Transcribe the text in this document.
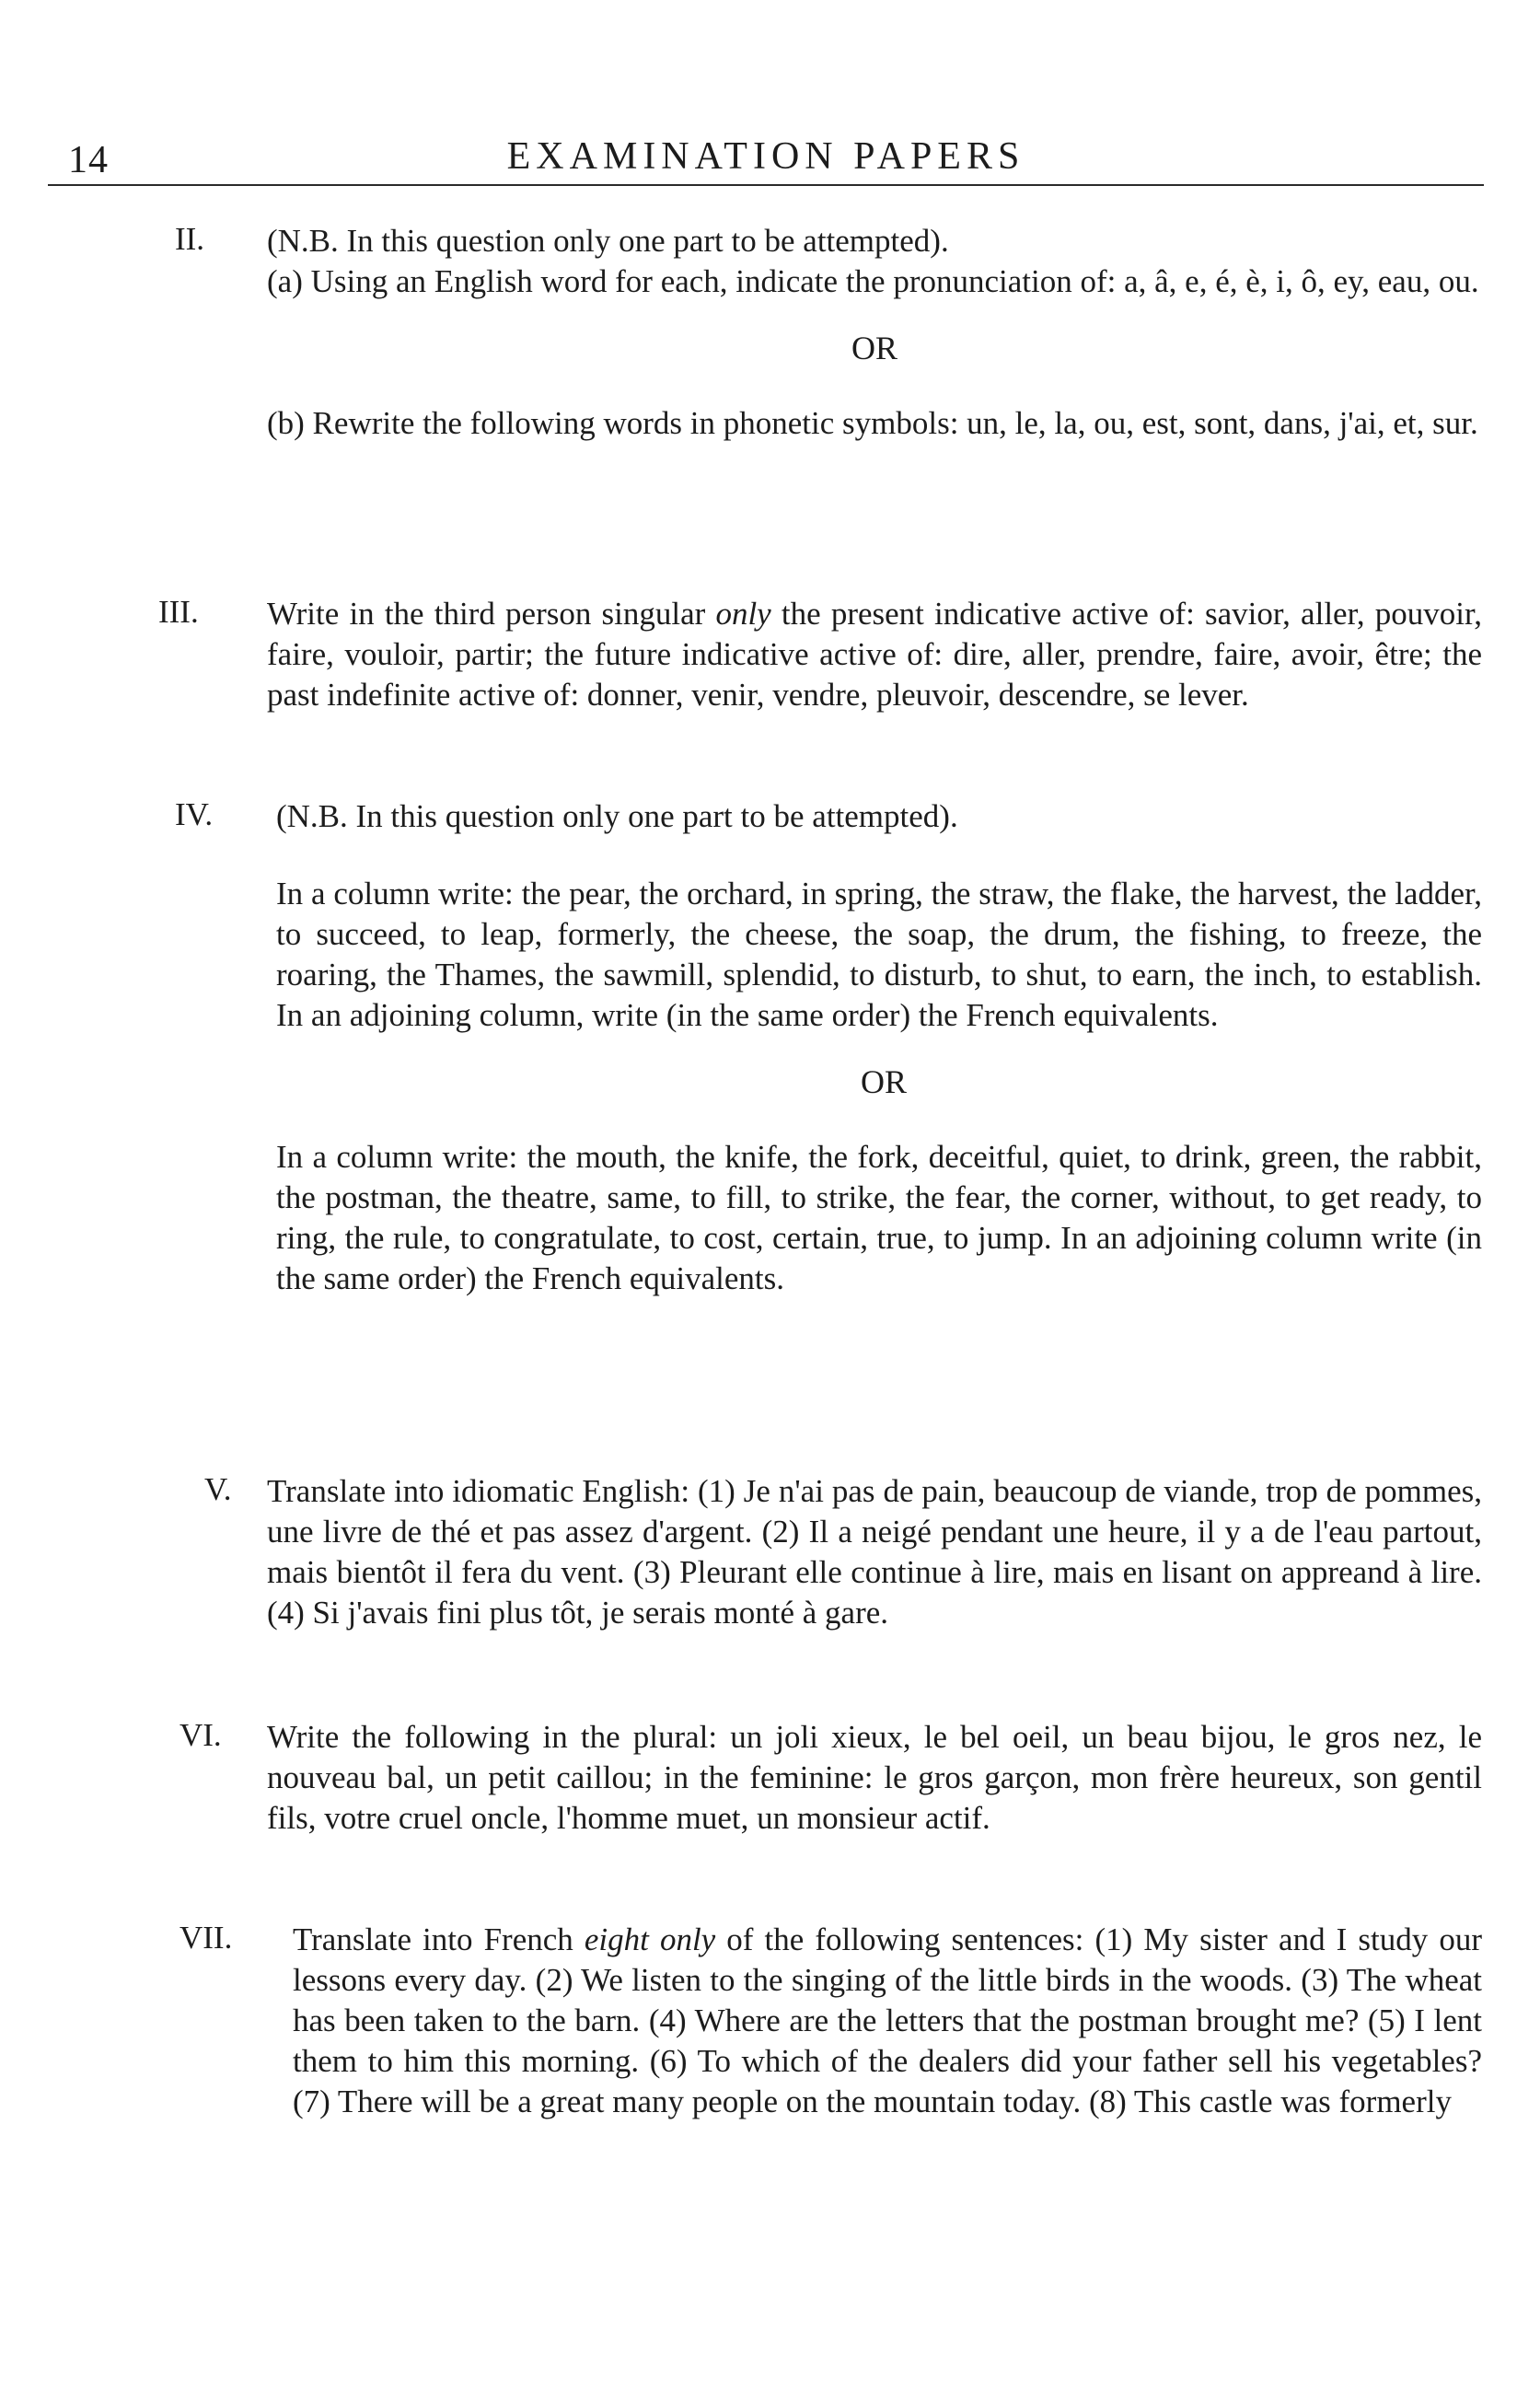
14	EXAMINATION PAPERS
II. (N.B. In this question only one part to be attempted).

(a) Using an English word for each, indicate the pronunciation of: a, â, e, é, è, i, ô, ey, eau, ou.

OR

(b) Rewrite the following words in phonetic symbols: un, le, la, ou, est, sont, dans, j'ai, et, sur.

III. Write in the third person singular only the present indicative active of: savior, aller, pouvoir, faire, vouloir, partir; the future indicative active of: dire, aller, prendre, faire, avoir, être; the past indefinite active of: donner, venir, vendre, pleuvoir, descendre, se lever.

IV. (N.B. In this question only one part to be attempted).

In a column write: the pear, the orchard, in spring, the straw, the flake, the harvest, the ladder, to succeed, to leap, formerly, the cheese, the soap, the drum, the fishing, to freeze, the roaring, the Thames, the sawmill, splendid, to disturb, to shut, to earn, the inch, to establish. In an adjoining column, write (in the same order) the French equivalents.

OR

In a column write: the mouth, the knife, the fork, deceitful, quiet, to drink, green, the rabbit, the postman, the theatre, same, to fill, to strike, the fear, the corner, without, to get ready, to ring, the rule, to congratulate, to cost, certain, true, to jump. In an adjoining column write (in the same order) the French equivalents.

V. Translate into idiomatic English: (1) Je n'ai pas de pain, beaucoup de viande, trop de pommes, une livre de thé et pas assez d'argent. (2) Il a neigé pendant une heure, il y a de l'eau partout, mais bientôt il fera du vent. (3) Pleurant elle continue à lire, mais en lisant on appreand à lire. (4) Si j'avais fini plus tôt, je serais monté à gare.
VI. Write the following in the plural: un joli xieux, le bel oeil, un beau bijou, le gros nez, le nouveau bal, un petit caillou; in the feminine: le gros garçon, mon frère heureux, son gentil fils, votre cruel oncle, l'homme muet, un monsieur actif.
VII. Translate into French eight only of the following sentences: (1) My sister and I study our lessons every day. (2) We listen to the singing of the little birds in the woods. (3) The wheat has been taken to the barn. (4) Where are the letters that the postman brought me? (5) I lent them to him this morning. (6) To which of the dealers did your father sell his vegetables? (7) There will be a great many people on the mountain today. (8) This castle was formerly
